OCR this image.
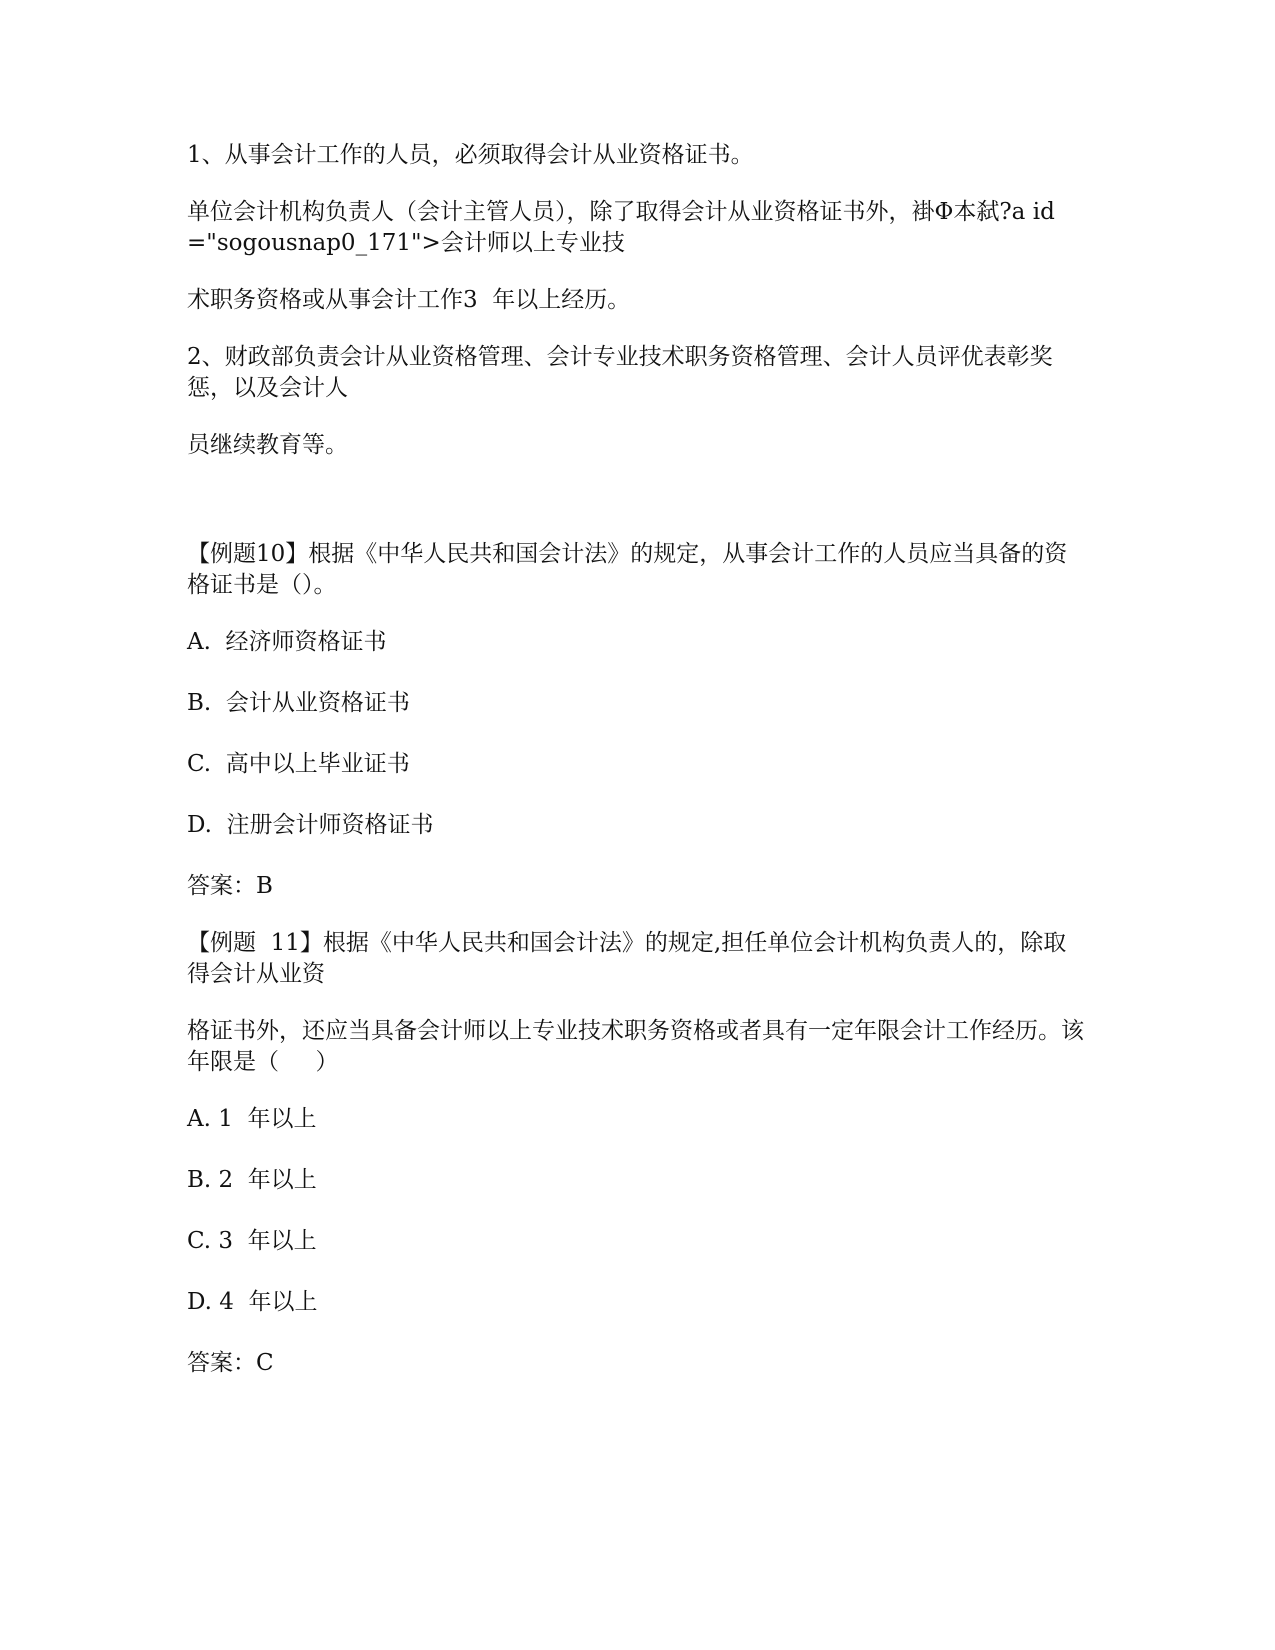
1、从事会计工作的人员，必须取得会计从业资格证书。

单位会计机构负责人（会计主管人员），除了取得会计从业资格证书外，褂Φ本弑?a id="sogousnap0_171">会计师以上专业技

术职务资格或从事会计工作3  年以上经历。

2、财政部负责会计从业资格管理、会计专业技术职务资格管理、会计人员评优表彰奖惩，以及会计人

员继续教育等。

【例题10】根据《中华人民共和国会计法》的规定，从事会计工作的人员应当具备的资格证书是（）。

A.  经济师资格证书

B.  会计从业资格证书

C.  高中以上毕业证书

D.  注册会计师资格证书

答案：B

【例题  11】根据《中华人民共和国会计法》的规定,担任单位会计机构负责人的，除取得会计从业资

格证书外，还应当具备会计师以上专业技术职务资格或者具有一定年限会计工作经历。该年限是（     ）

A. 1  年以上

B. 2  年以上

C. 3  年以上

D. 4  年以上

答案：C
